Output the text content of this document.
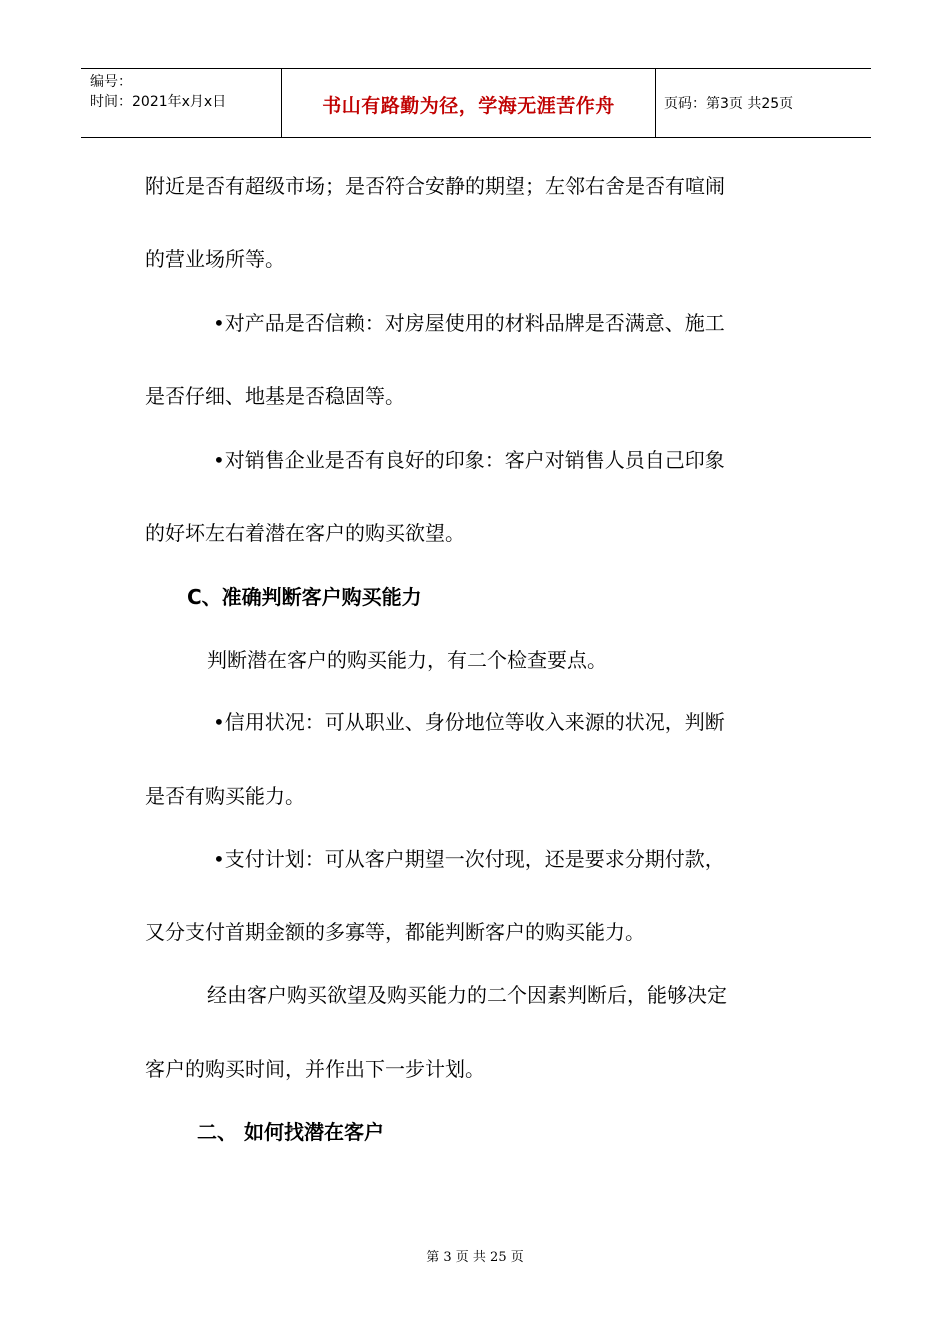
编号：
时间：2021年x月x日	书山有路勤为径，学海无涯苦作舟	页码：第3页 共25页
附近是否有超级市场；是否符合安静的期望；左邻右舍是否有喧闹
的营业场所等。
•对产品是否信赖：对房屋使用的材料品牌是否满意、施工
是否仔细、地基是否稳固等。
•对销售企业是否有良好的印象：客户对销售人员自己印象
的好坏左右着潜在客户的购买欲望。
C、准确判断客户购买能力
判断潜在客户的购买能力，有二个检查要点。
•信用状况：可从职业、身份地位等收入来源的状况，判断
是否有购买能力。
•支付计划：可从客户期望一次付现，还是要求分期付款，
又分支付首期金额的多寡等，都能判断客户的购买能力。
经由客户购买欲望及购买能力的二个因素判断后，能够决定
客户的购买时间，并作出下一步计划。
二、 如何找潜在客户
第 3 页 共 25 页
